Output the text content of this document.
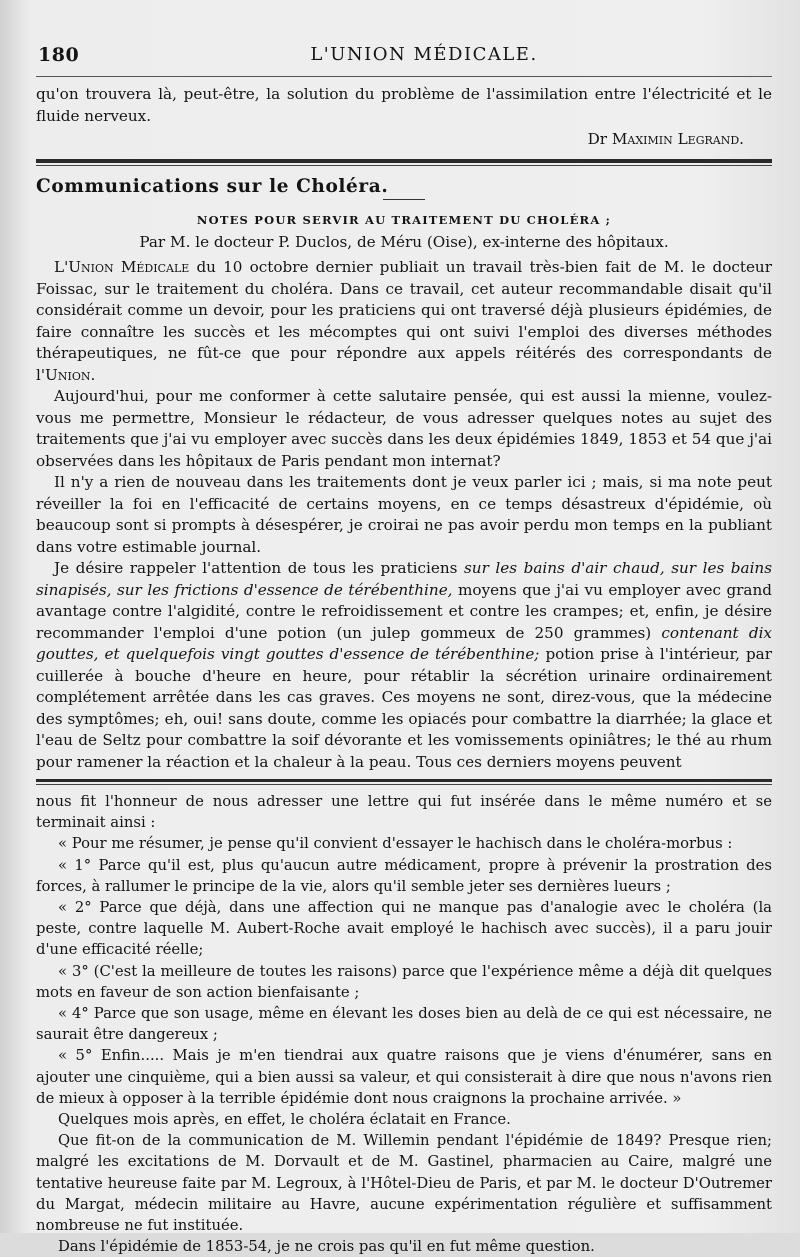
180	L'UNION MÉDICALE.

qu'on trouvera là, peut-être, la solution du problème de l'assimilation entre l'électricité et le fluide nerveux.

Dr Maximin Legrand.

Communications sur le Choléra.

NOTES POUR SERVIR AU TRAITEMENT DU CHOLÉRA ;

Par M. le docteur P. Duclos, de Méru (Oise), ex-interne des hôpitaux.

L'Union Médicale du 10 octobre dernier publiait un travail très-bien fait de M. le docteur Foissac, sur le traitement du choléra. Dans ce travail, cet auteur recommandable disait qu'il considérait comme un devoir, pour les praticiens qui ont traversé déjà plusieurs épidémies, de faire connaître les succès et les mécomptes qui ont suivi l'emploi des diverses méthodes thérapeutiques, ne fût-ce que pour répondre aux appels réitérés des correspondants de l'Union.

Aujourd'hui, pour me conformer à cette salutaire pensée, qui est aussi la mienne, voulez-vous me permettre, Monsieur le rédacteur, de vous adresser quelques notes au sujet des traitements que j'ai vu employer avec succès dans les deux épidémies 1849, 1853 et 54 que j'ai observées dans les hôpitaux de Paris pendant mon internat?

Il n'y a rien de nouveau dans les traitements dont je veux parler ici ; mais, si ma note peut réveiller la foi en l'efficacité de certains moyens, en ce temps désastreux d'épidémie, où beaucoup sont si prompts à désespérer, je croirai ne pas avoir perdu mon temps en la publiant dans votre estimable journal.

Je désire rappeler l'attention de tous les praticiens sur les bains d'air chaud, sur les bains sinapisés, sur les frictions d'essence de térébenthine, moyens que j'ai vu employer avec grand avantage contre l'algidité, contre le refroidissement et contre les crampes; et, enfin, je désire recommander l'emploi d'une potion (un julep gommeux de 250 grammes) contenant dix gouttes, et quelquefois vingt gouttes d'essence de térébenthine; potion prise à l'intérieur, par cuillerée à bouche d'heure en heure, pour rétablir la sécrétion urinaire ordinairement complétement arrêtée dans les cas graves. Ces moyens ne sont, direz-vous, que la médecine des symptômes; eh, oui! sans doute, comme les opiacés pour combattre la diarrhée; la glace et l'eau de Seltz pour combattre la soif dévorante et les vomissements opiniâtres; le thé au rhum pour ramener la réaction et la chaleur à la peau. Tous ces derniers moyens peuvent

nous fit l'honneur de nous adresser une lettre qui fut insérée dans le même numéro et se terminait ainsi :

« Pour me résumer, je pense qu'il convient d'essayer le hachisch dans le choléra-morbus :

« 1° Parce qu'il est, plus qu'aucun autre médicament, propre à prévenir la prostration des forces, à rallumer le principe de la vie, alors qu'il semble jeter ses dernières lueurs ;

« 2° Parce que déjà, dans une affection qui ne manque pas d'analogie avec le choléra (la peste, contre laquelle M. Aubert-Roche avait employé le hachisch avec succès), il a paru jouir d'une efficacité réelle;

« 3° (C'est la meilleure de toutes les raisons) parce que l'expérience même a déjà dit quelques mots en faveur de son action bienfaisante ;

« 4° Parce que son usage, même en élevant les doses bien au delà de ce qui est nécessaire, ne saurait être dangereux ;

« 5° Enfin..... Mais je m'en tiendrai aux quatre raisons que je viens d'énumérer, sans en ajouter une cinquième, qui a bien aussi sa valeur, et qui consisterait à dire que nous n'avons rien de mieux à opposer à la terrible épidémie dont nous craignons la prochaine arrivée. »

Quelques mois après, en effet, le choléra éclatait en France.

Que fit-on de la communication de M. Willemin pendant l'épidémie de 1849? Presque rien; malgré les excitations de M. Dorvault et de M. Gastinel, pharmacien au Caire, malgré une tentative heureuse faite par M. Legroux, à l'Hôtel-Dieu de Paris, et par M. le docteur D'Outremer du Margat, médecin militaire au Havre, aucune expérimentation régulière et suffisamment nombreuse ne fut instituée.

Dans l'épidémie de 1853-54, je ne crois pas qu'il en fut même question.
